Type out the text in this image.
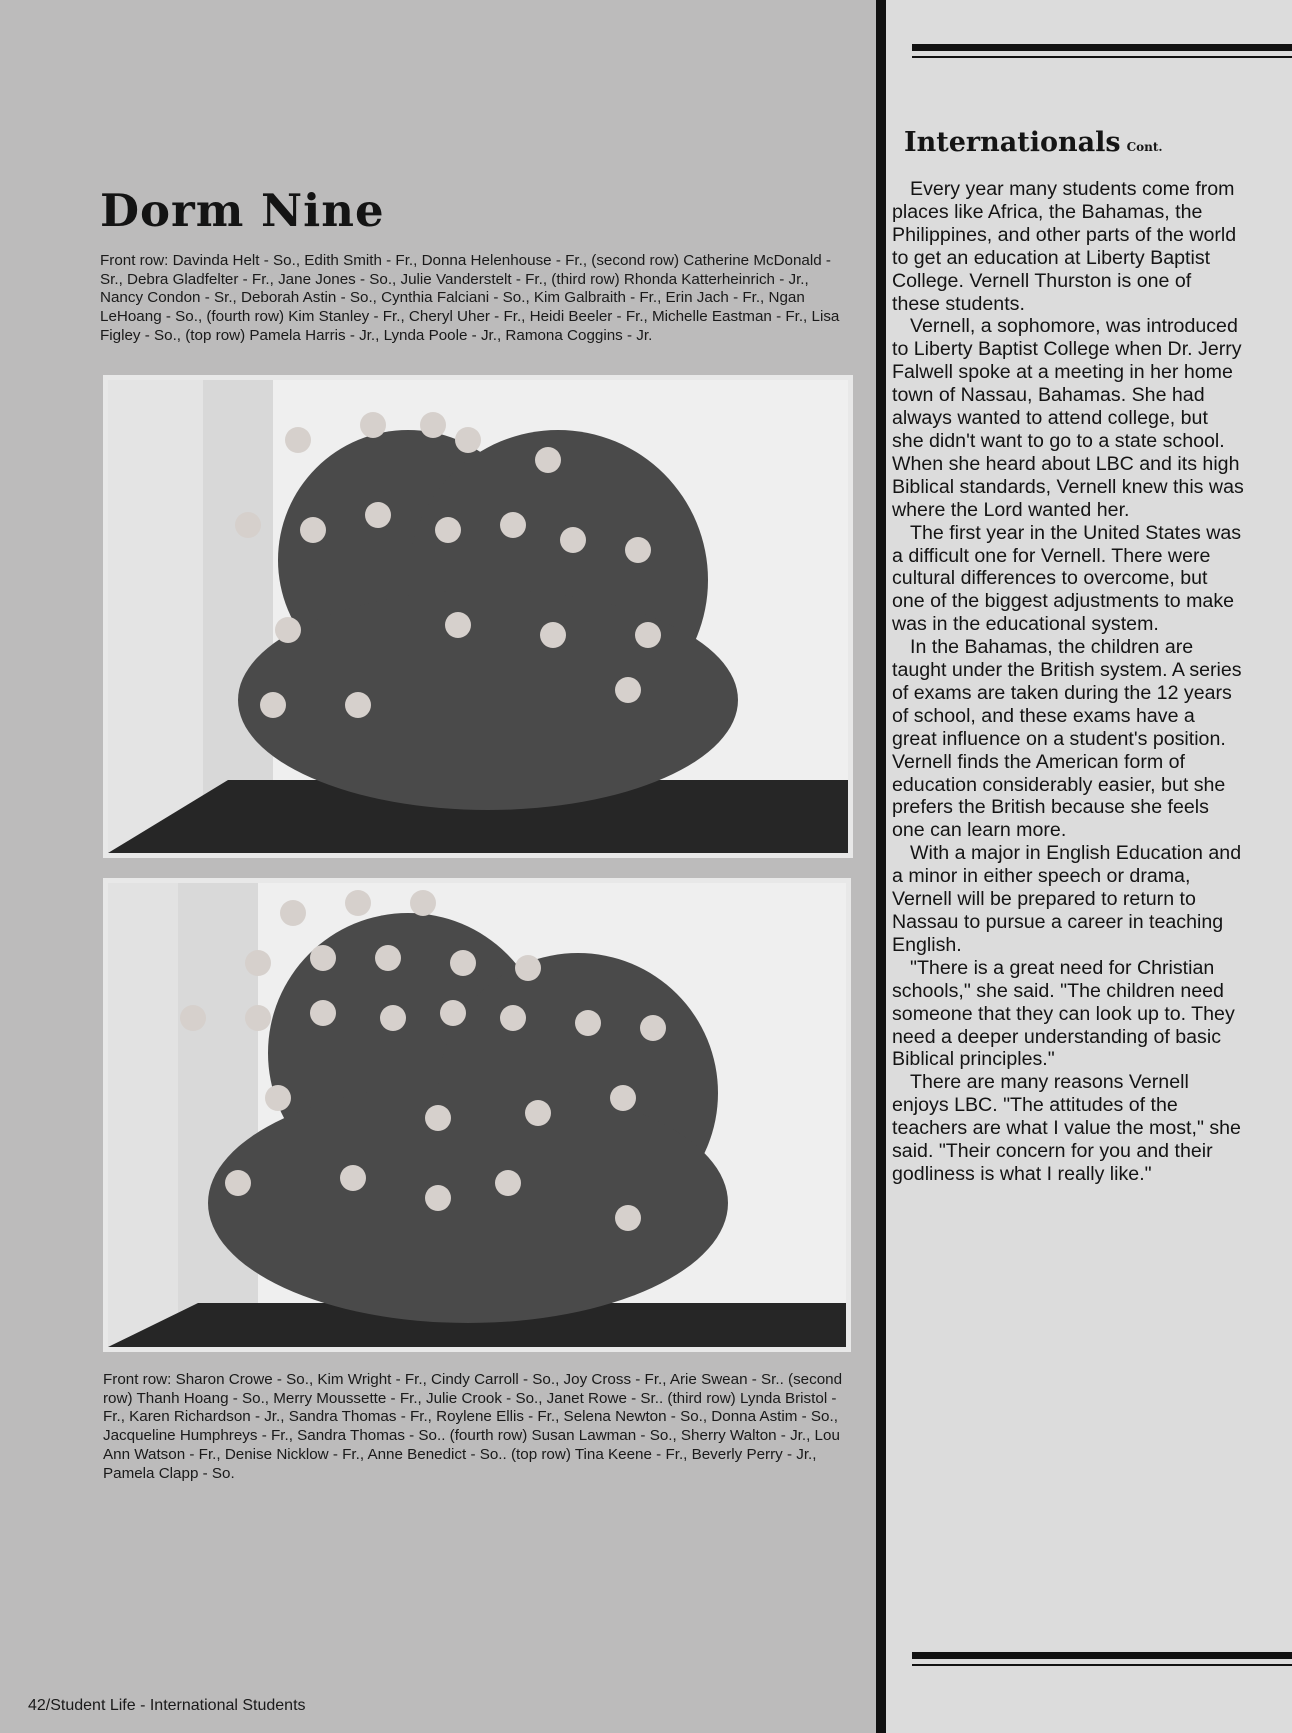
Dorm Nine

Front row: Davinda Helt - So., Edith Smith - Fr., Donna Helenhouse - Fr., (second row) Catherine McDonald - Sr., Debra Gladfelter - Fr., Jane Jones - So., Julie Vanderstelt - Fr., (third row) Rhonda Katterheinrich - Jr., Nancy Condon - Sr., Deborah Astin - So., Cynthia Falciani - So., Kim Galbraith - Fr., Erin Jach - Fr., Ngan LeHoang - So., (fourth row) Kim Stanley - Fr., Cheryl Uher - Fr., Heidi Beeler - Fr., Michelle Eastman - Fr., Lisa Figley - So., (top row) Pamela Harris - Jr., Lynda Poole - Jr., Ramona Coggins - Jr.

Front row: Sharon Crowe - So., Kim Wright - Fr., Cindy Carroll - So., Joy Cross - Fr., Arie Swean - Sr.. (second row) Thanh Hoang - So., Merry Moussette - Fr., Julie Crook - So., Janet Rowe - Sr.. (third row) Lynda Bristol - Fr., Karen Richardson - Jr., Sandra Thomas - Fr., Roylene Ellis - Fr., Selena Newton - So., Donna Astim - So., Jacqueline Humphreys - Fr., Sandra Thomas - So.. (fourth row) Susan Lawman - So., Sherry Walton - Jr., Lou Ann Watson - Fr., Denise Nicklow - Fr., Anne Benedict - So.. (top row) Tina Keene - Fr., Beverly Perry - Jr., Pamela Clapp - So.

Internationals Cont.

Every year many students come from places like Africa, the Bahamas, the Philippines, and other parts of the world to get an education at Liberty Baptist College. Vernell Thurston is one of these students.

Vernell, a sophomore, was introduced to Liberty Baptist College when Dr. Jerry Falwell spoke at a meeting in her home town of Nassau, Bahamas. She had always wanted to attend college, but she didn't want to go to a state school. When she heard about LBC and its high Biblical standards, Vernell knew this was where the Lord wanted her.

The first year in the United States was a difficult one for Vernell. There were cultural differences to overcome, but one of the biggest adjustments to make was in the educational system.

In the Bahamas, the children are taught under the British system. A series of exams are taken during the 12 years of school, and these exams have a great influence on a student's position. Vernell finds the American form of education considerably easier, but she prefers the British because she feels one can learn more.

With a major in English Education and a minor in either speech or drama, Vernell will be prepared to return to Nassau to pursue a career in teaching English.

"There is a great need for Christian schools," she said. "The children need someone that they can look up to. They need a deeper understanding of basic Biblical principles."

There are many reasons Vernell enjoys LBC. "The attitudes of the teachers are what I value the most," she said. "Their concern for you and their godliness is what I really like."

42/Student Life - International Students
